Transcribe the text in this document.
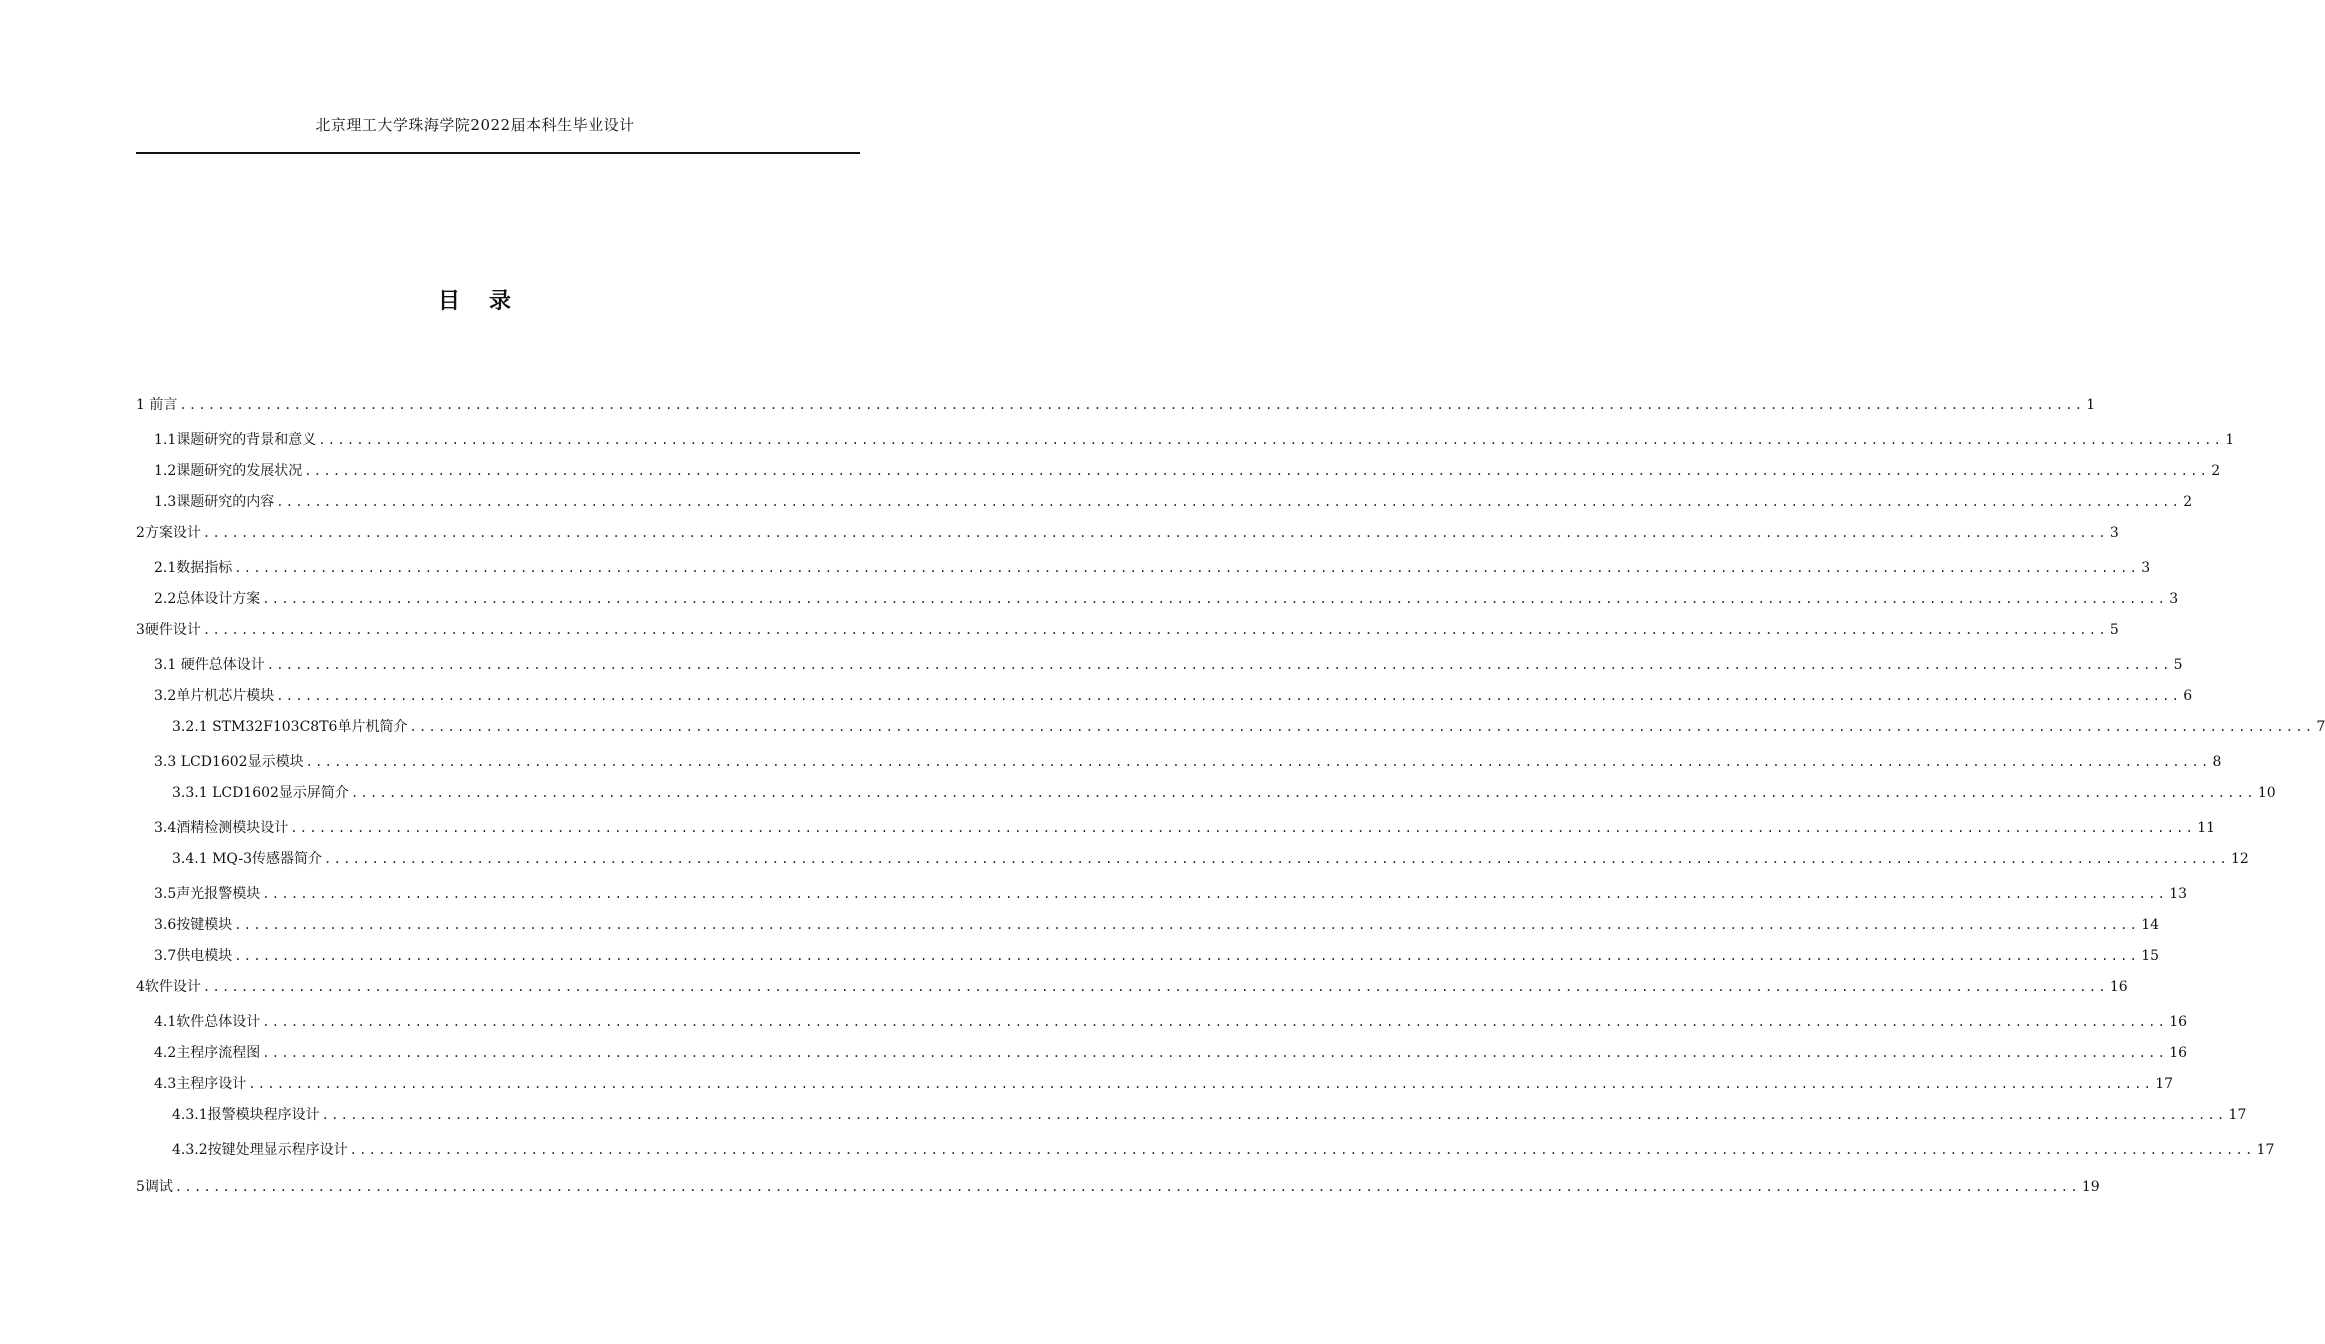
北京理工大学珠海学院2022届本科生毕业设计
目 录
1 前言 ........................................................................................................................................................................................................ 1
1.1课题研究的背景和意义 ........................................................................................................................................................................................................ 1
1.2课题研究的发展状况 ........................................................................................................................................................................................................ 2
1.3课题研究的内容 ........................................................................................................................................................................................................ 2
2方案设计 ........................................................................................................................................................................................................ 3
2.1数据指标 ........................................................................................................................................................................................................ 3
2.2总体设计方案 ........................................................................................................................................................................................................ 3
3硬件设计 ........................................................................................................................................................................................................ 5
3.1 硬件总体设计 ........................................................................................................................................................................................................ 5
3.2单片机芯片模块 ........................................................................................................................................................................................................ 6
3.2.1 STM32F103C8T6单片机简介 ........................................................................................................................................................................................................ 7
3.3 LCD1602显示模块 ........................................................................................................................................................................................................ 8
3.3.1 LCD1602显示屏简介 ........................................................................................................................................................................................................ 10
3.4酒精检测模块设计 ........................................................................................................................................................................................................ 11
3.4.1 MQ-3传感器简介 ........................................................................................................................................................................................................ 12
3.5声光报警模块 ........................................................................................................................................................................................................ 13
3.6按键模块 ........................................................................................................................................................................................................ 14
3.7供电模块 ........................................................................................................................................................................................................ 15
4软件设计 ........................................................................................................................................................................................................ 16
4.1软件总体设计 ........................................................................................................................................................................................................ 16
4.2主程序流程图 ........................................................................................................................................................................................................ 16
4.3主程序设计 ........................................................................................................................................................................................................ 17
4.3.1报警模块程序设计 ........................................................................................................................................................................................................ 17
4.3.2按键处理显示程序设计 ........................................................................................................................................................................................................ 17
5调试 ........................................................................................................................................................................................................ 19
